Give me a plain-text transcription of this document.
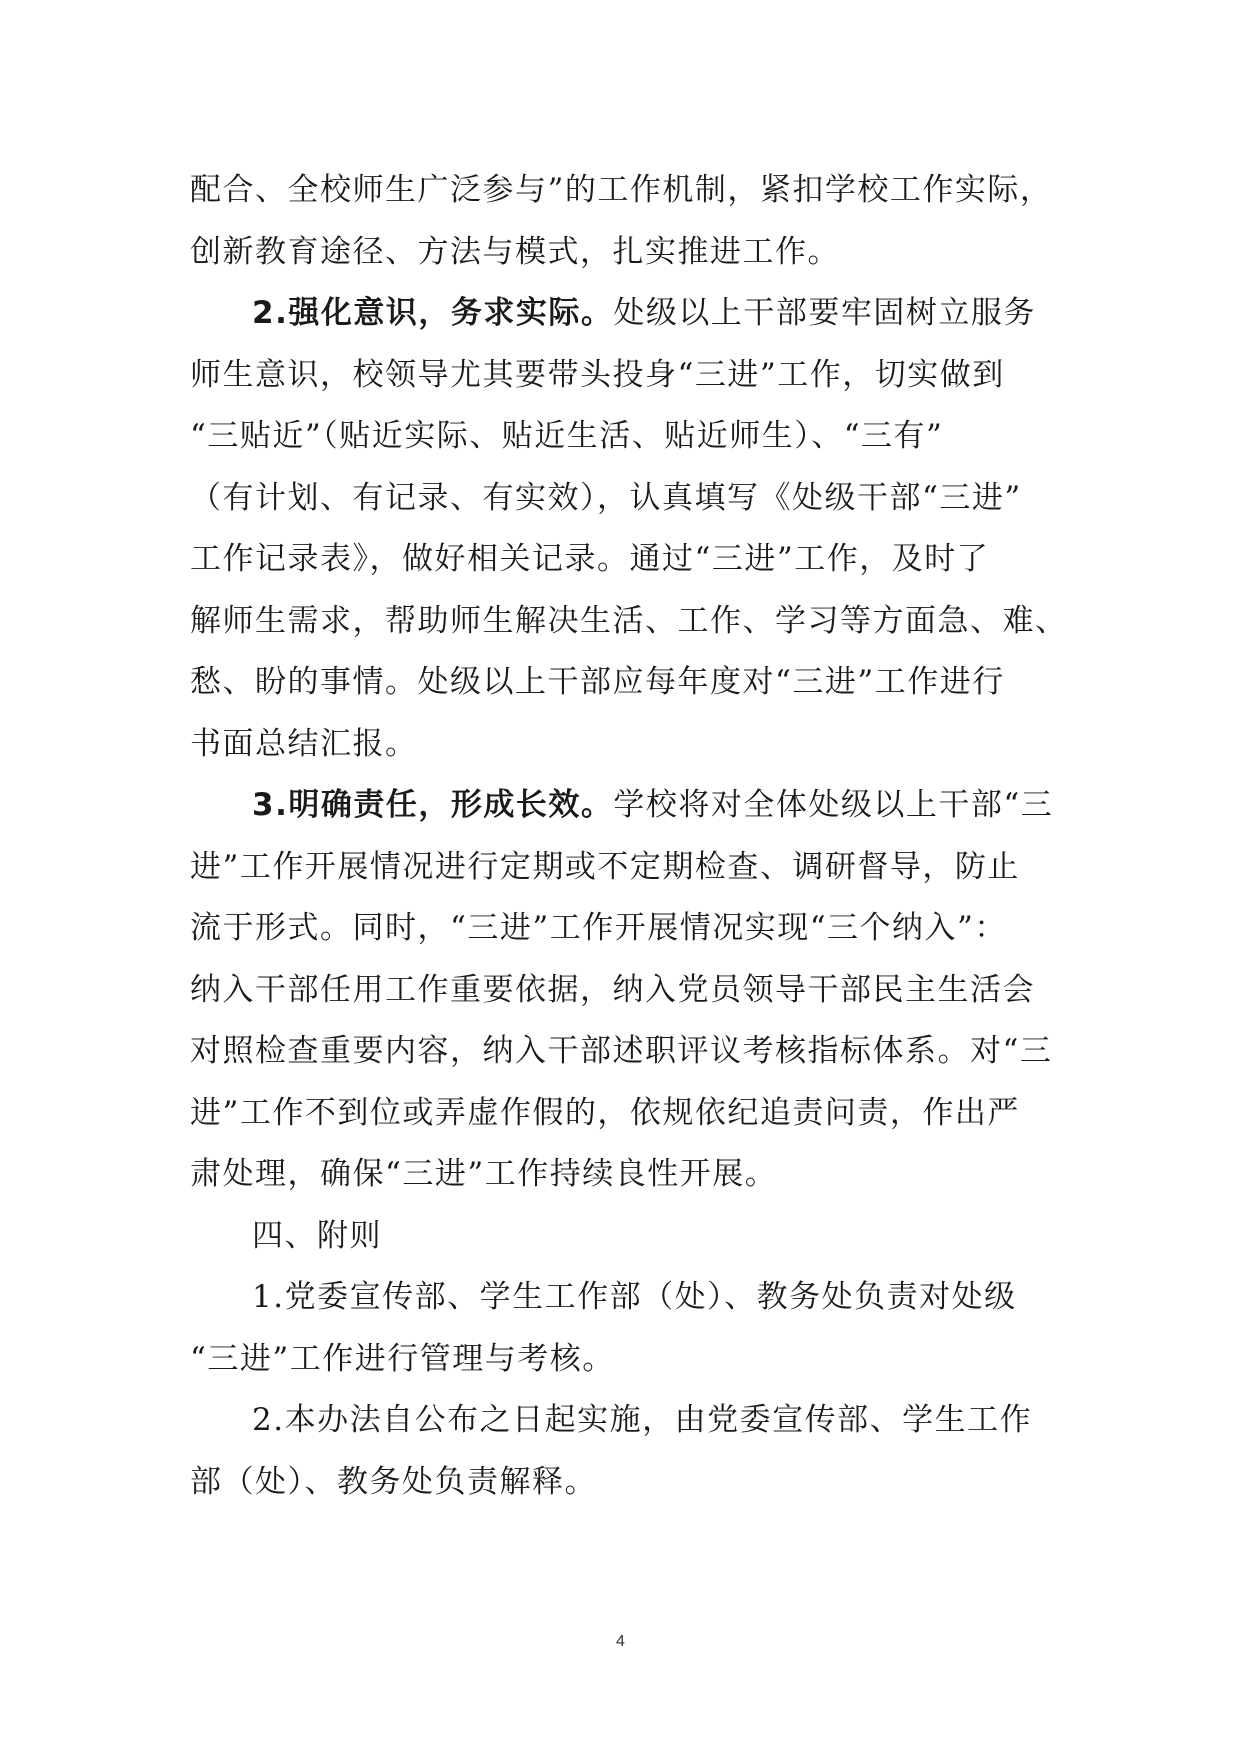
配合、全校师生广泛参与”的工作机制，紧扣学校工作实际，
创新教育途径、方法与模式，扎实推进工作。
2.强化意识，务求实际。处级以上干部要牢固树立服务
师生意识，校领导尤其要带头投身“三进”工作，切实做到
“三贴近”（贴近实际、贴近生活、贴近师生）、“三有”
（有计划、有记录、有实效），认真填写《处级干部“三进”
工作记录表》，做好相关记录。通过“三进”工作，及时了
解师生需求，帮助师生解决生活、工作、学习等方面急、难、
愁、盼的事情。处级以上干部应每年度对“三进”工作进行
书面总结汇报。
3.明确责任，形成长效。学校将对全体处级以上干部“三
进”工作开展情况进行定期或不定期检查、调研督导，防止
流于形式。同时，“三进”工作开展情况实现“三个纳入”：
纳入干部任用工作重要依据，纳入党员领导干部民主生活会
对照检查重要内容，纳入干部述职评议考核指标体系。对“三
进”工作不到位或弄虚作假的，依规依纪追责问责，作出严
肃处理，确保“三进”工作持续良性开展。
四、附则
1.党委宣传部、学生工作部（处）、教务处负责对处级
“三进”工作进行管理与考核。
2.本办法自公布之日起实施，由党委宣传部、学生工作
部（处）、教务处负责解释。
4
